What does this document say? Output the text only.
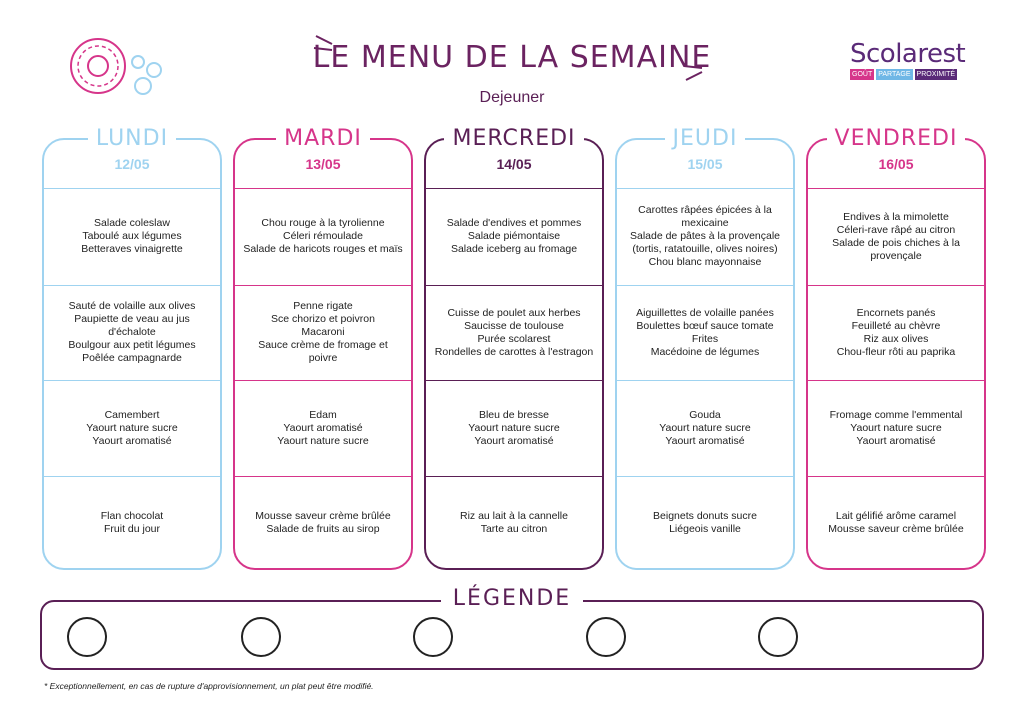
LE MENU DE LA SEMAINE
Dejeuner
Scolarest
GOÛT PARTAGE PROXIMITÉ
LUNDI
12/05
Salade coleslaw
Taboulé aux légumes
Betteraves vinaigrette
Sauté de volaille aux olives
Paupiette de veau au jus d'échalote
Boulgour aux petit légumes
Poêlée campagnarde
Camembert
Yaourt nature sucre
Yaourt aromatisé
Flan chocolat
Fruit du jour
MARDI
13/05
Chou rouge à la tyrolienne
Céleri rémoulade
Salade de haricots rouges et maïs
Penne rigate
Sce chorizo et poivron
Macaroni
Sauce crème de fromage et poivre
Edam
Yaourt aromatisé
Yaourt nature sucre
Mousse saveur crème brûlée
Salade de fruits au sirop
MERCREDI
14/05
Salade d'endives et pommes
Salade piémontaise
Salade iceberg au fromage
Cuisse de poulet aux herbes
Saucisse de toulouse
Purée scolarest
Rondelles de carottes à l'estragon
Bleu de bresse
Yaourt nature sucre
Yaourt aromatisé
Riz au lait à la cannelle
Tarte au citron
JEUDI
15/05
Carottes râpées épicées à la mexicaine
Salade de pâtes à la provençale (tortis, ratatouille, olives noires)
Chou blanc mayonnaise
Aiguillettes de volaille panées
Boulettes bœuf sauce tomate
Frites
Macédoine de légumes
Gouda
Yaourt nature sucre
Yaourt aromatisé
Beignets donuts sucre
Liégeois vanille
VENDREDI
16/05
Endives à la mimolette
Céleri-rave râpé au citron
Salade de pois chiches à la provençale
Encornets panés
Feuilleté au chèvre
Riz aux olives
Chou-fleur rôti au paprika
Fromage comme l'emmental
Yaourt nature sucre
Yaourt aromatisé
Lait gélifié arôme caramel
Mousse saveur crème brûlée
LÉGENDE
* Exceptionnellement, en cas de rupture d'approvisionnement, un plat peut être modifié.
